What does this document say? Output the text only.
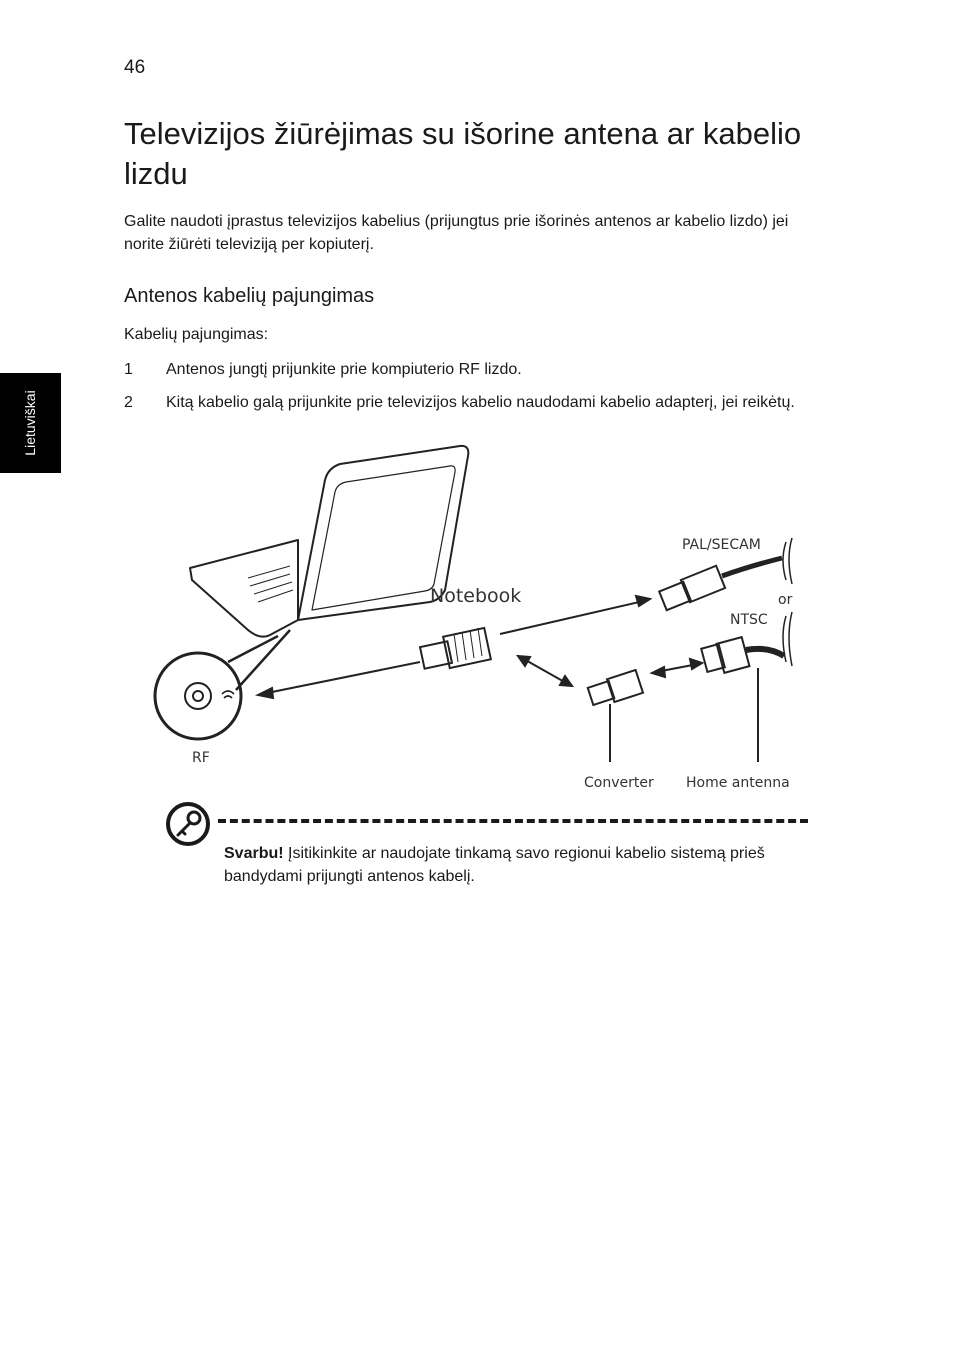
46
Televizijos žiūrėjimas su išorine antena ar kabelio lizdu

Galite naudoti įprastus televizijos kabelius (prijungtus prie išorinės antenos ar kabelio lizdo) jei norite žiūrėti televiziją per kopiuterį.

Antenos kabelių pajungimas
Kabelių pajungimas:
1	Antenos jungtį prijunkite prie kompiuterio RF lizdo.
2	Kitą kabelio galą prijunkite prie televizijos kabelio naudodami kabelio adapterį, jei reikėtų.
Lietuviškai
Notebook
PAL/SECAM
or
NTSC
RF
Converter Home antenna
Svarbu! Įsitikinkite ar naudojate tinkamą savo regionui kabelio sistemą prieš bandydami prijungti antenos kabelį.
